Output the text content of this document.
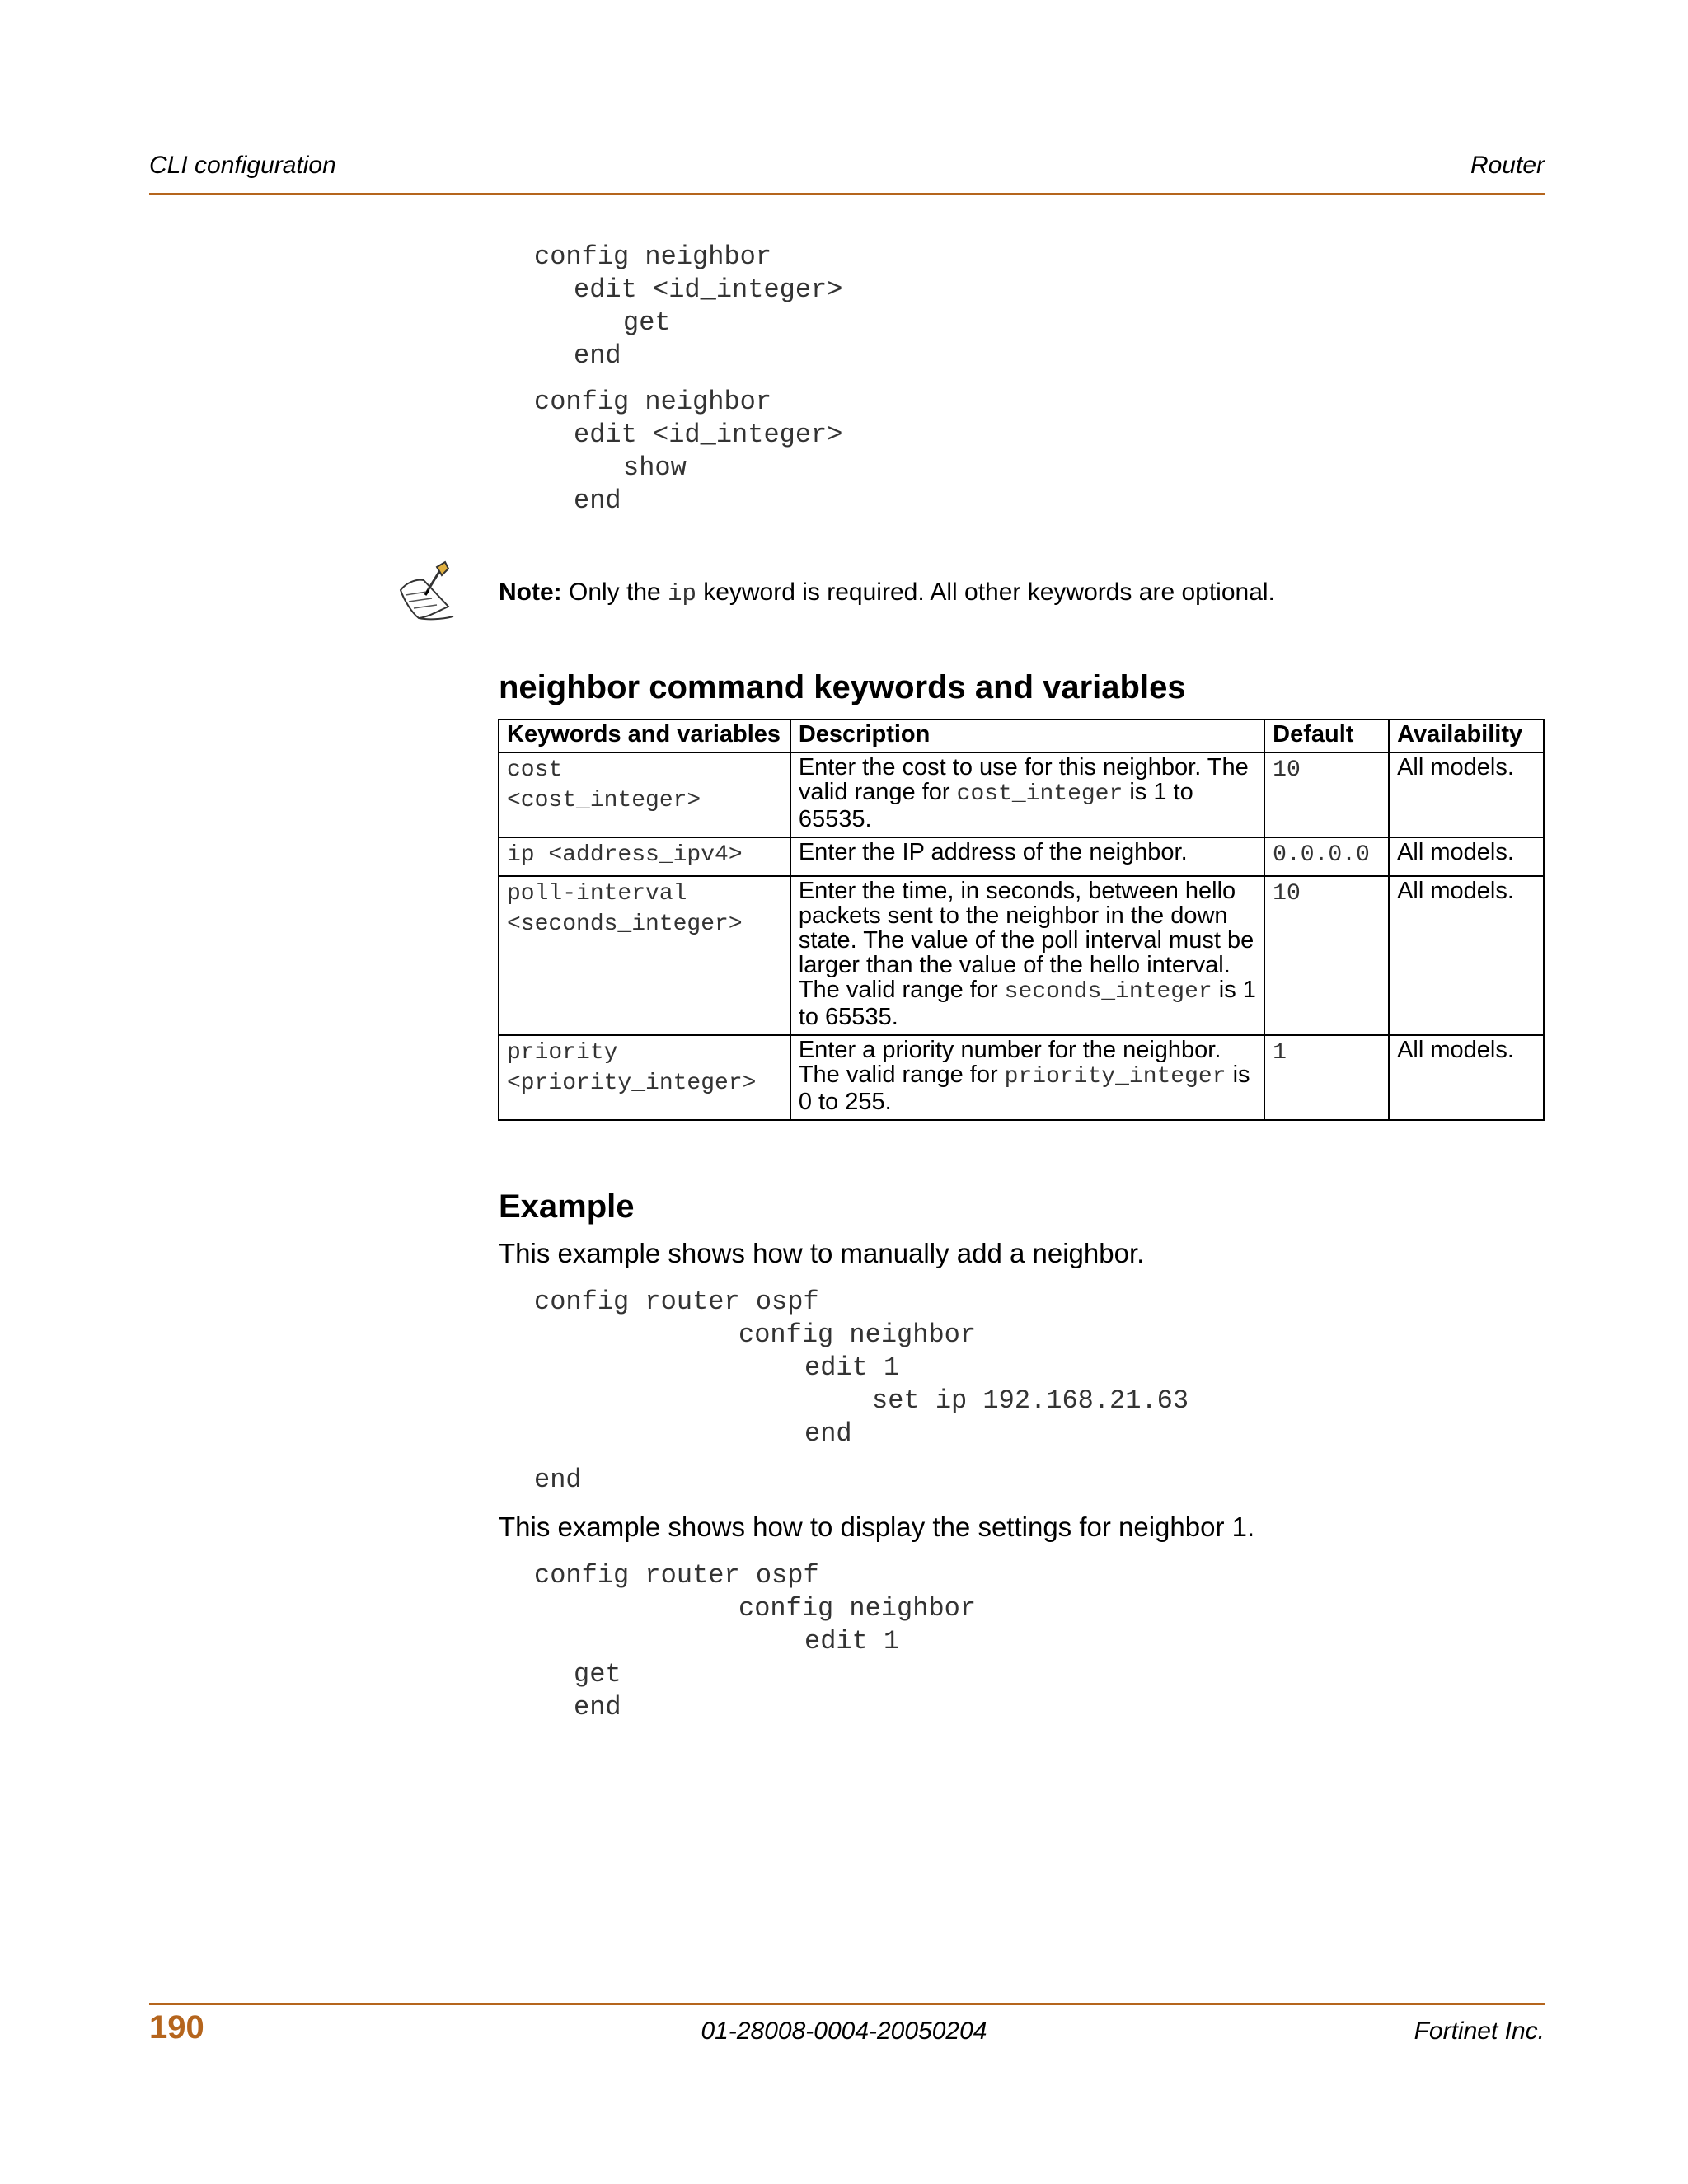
CLI configuration	Router
config neighbor
edit <id_integer>
get
end
config neighbor
edit <id_integer>
show
end
Note: Only the ip keyword is required. All other keywords are optional.
neighbor command keywords and variables
Keywords and variables	Description	Default	Availability

cost
<cost_integer>	Enter the cost to use for this neighbor. The valid range for cost_integer is 1 to 65535.	10	All models.

ip <address_ipv4>	Enter the IP address of the neighbor.	0.0.0.0	All models.

poll-interval
<seconds_integer>	Enter the time, in seconds, between hello packets sent to the neighbor in the down state. The value of the poll interval must be larger than the value of the hello interval. The valid range for seconds_integer is 1 to 65535.	10	All models.

priority
<priority_integer>	Enter a priority number for the neighbor. The valid range for priority_integer is 0 to 255.	1	All models.
Example
This example shows how to manually add a neighbor.
config router ospf
config neighbor
edit 1
set ip 192.168.21.63
end
end
This example shows how to display the settings for neighbor 1.
config router ospf
config neighbor
edit 1
get
end
190	01-28008-0004-20050204	Fortinet Inc.
